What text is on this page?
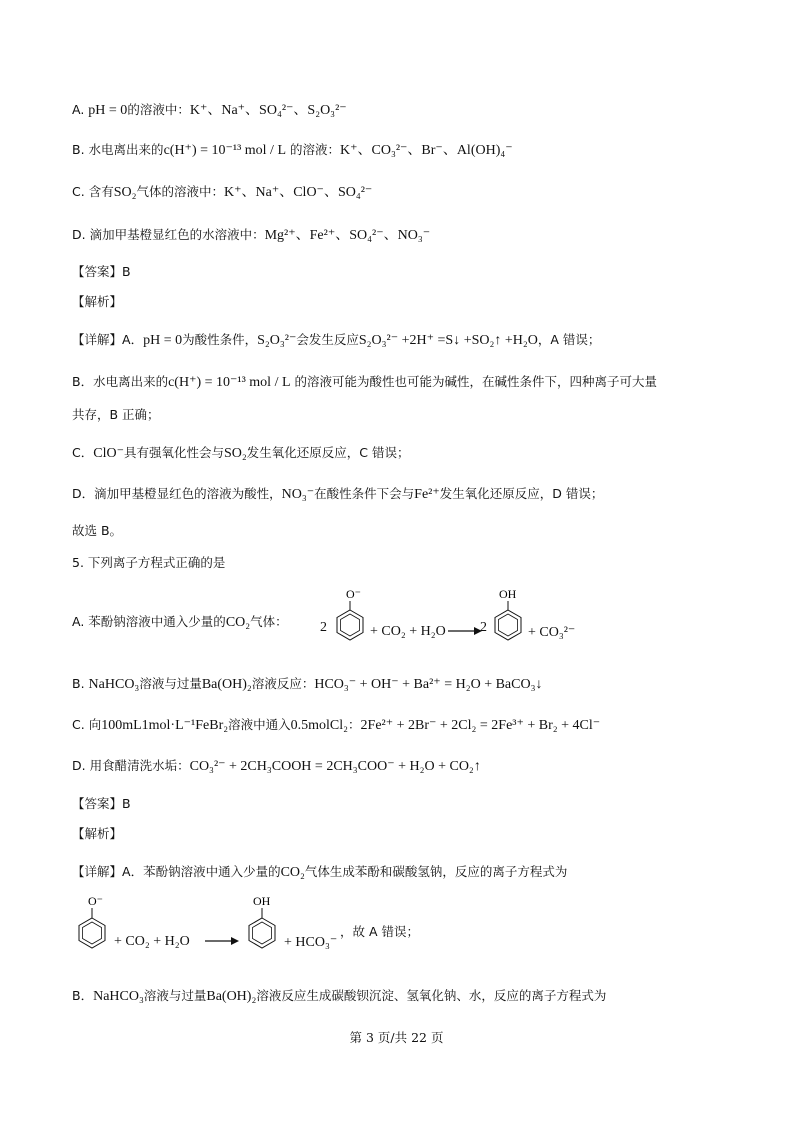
A. pH = 0的溶液中：K⁺、Na⁺、SO₄²⁻、S₂O₃²⁻
B. 水电离出来的c(H⁺) = 10⁻¹³ mol / L 的溶液：K⁺、CO₃²⁻、Br⁻、Al(OH)₄⁻
C. 含有SO₂气体的溶液中：K⁺、Na⁺、ClO⁻、SO₄²⁻
D. 滴加甲基橙显红色的水溶液中：Mg²⁺、Fe²⁺、SO₄²⁻、NO₃⁻
【答案】B
【解析】
【详解】A．pH = 0为酸性条件，S₂O₃²⁻会发生反应S₂O₃²⁻ +2H⁺ =S↓ +SO₂↑ +H₂O，A 错误；
B．水电离出来的c(H⁺) = 10⁻¹³ mol / L 的溶液可能为酸性也可能为碱性，在碱性条件下，四种离子可大量
共存，B 正确；
C．ClO⁻具有强氧化性会与SO₂发生氧化还原反应，C 错误；
D．滴加甲基橙显红色的溶液为酸性，NO₃⁻在酸性条件下会与Fe²⁺发生氧化还原反应，D 错误；
故选 B。
5. 下列离子方程式正确的是
A. 苯酚钠溶液中通入少量的CO₂气体： 2
O⁻
+ CO₂ + H₂O →
2
OH
+ CO₃²⁻
B. NaHCO₃溶液与过量Ba(OH)₂溶液反应：HCO₃⁻ + OH⁻ + Ba²⁺ = H₂O + BaCO₃↓
C. 向100mL1mol·L⁻¹FeBr₂溶液中通入0.5molCl₂：2Fe²⁺ + 2Br⁻ + 2Cl₂ = 2Fe³⁺ + Br₂ + 4Cl⁻
D. 用食醋清洗水垢：CO₃²⁻ + 2CH₃COOH = 2CH₃COO⁻ + H₂O + CO₂↑
【答案】B
【解析】
【详解】A．苯酚钠溶液中通入少量的CO₂气体生成苯酚和碳酸氢钠，反应的离子方程式为
O⁻
+ CO₂ + H₂O
OH
+ HCO₃⁻
，故 A 错误；
B．NaHCO₃溶液与过量Ba(OH)₂溶液反应生成碳酸钡沉淀、氢氧化钠、水，反应的离子方程式为
第 3 页/共 22 页
